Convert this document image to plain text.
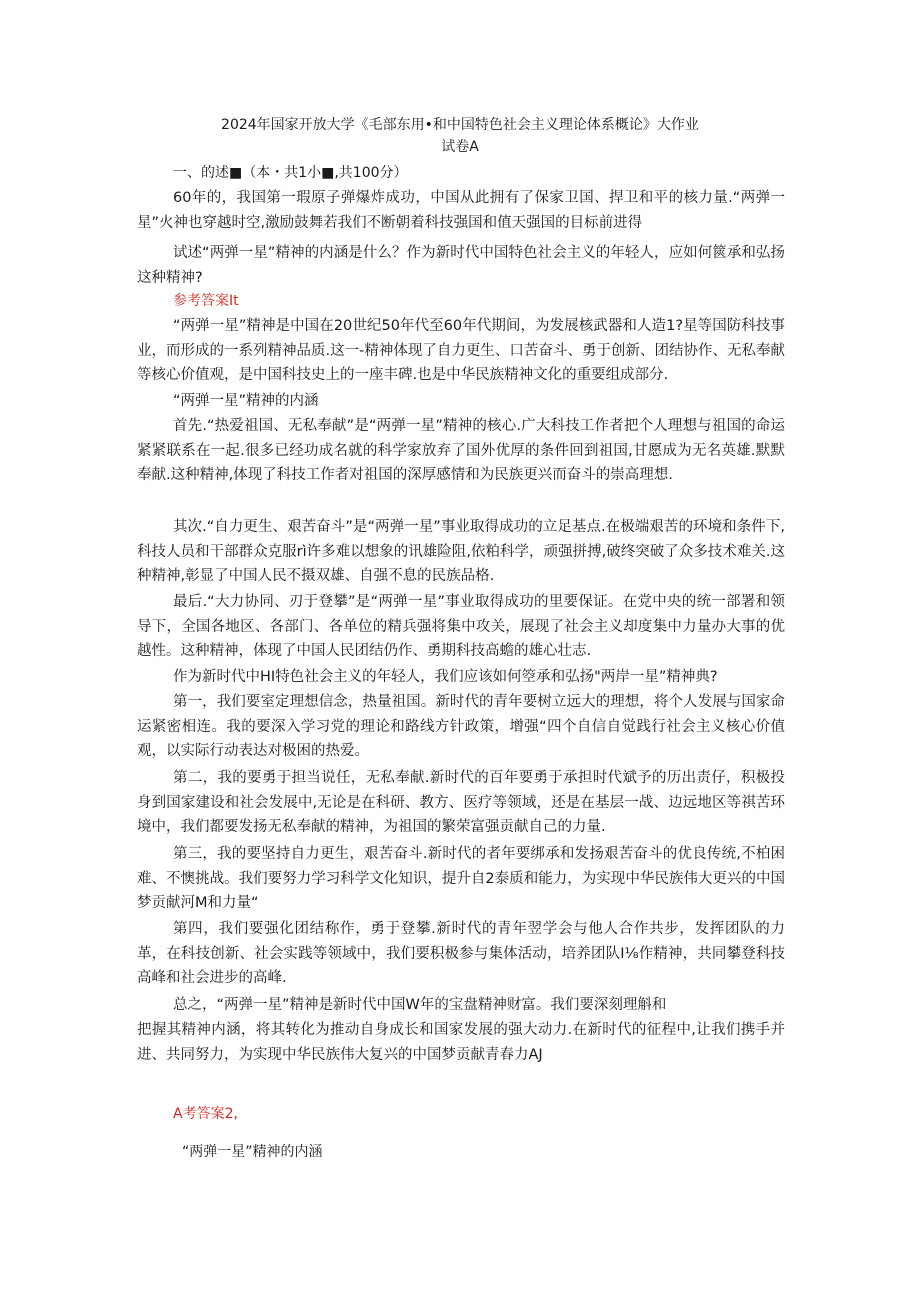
2024年国家开放大学《毛部东用•和中国特色社会主义理论体系概论》大作业
试卷A
一、的述■（本・共1小■,共100分）

60年的，我国第一瑕原子弹爆炸成功，中国从此拥有了保家卫国、捍卫和平的核力量.“两弹一星”火神也穿越时空,激励鼓舞若我们不断朝着科技强国和值天强国的目标前进得

试述“两弹一星”精神的内涵是什么？作为新时代中国特色社会主义的年轻人，应如何篋承和弘扬这种精神?

参考答案It

“两弹一星”精神是中国在20世纪50年代至60年代期间，为发展核武器和人造1?星等国防科技事业，而形成的一系列精神品质.这一-精神体现了自力更生、口苦奋斗、勇于创新、团结协作、无私奉献等核心价值观，是中国科技史上的一座丰碑.也是中华民族精神文化的重要组成部分.

“两弹一星”精神的内涵

首先.“热爱祖国、无私奉献”是“两弹一星”精神的核心.广大科技工作者把个人理想与祖国的命运紧紧联系在一起.很多已经功成名就的科学家放弃了国外优厚的条件回到祖国,甘愿成为无名英雄.默默奉献.这种精神,体现了科技工作者对祖国的深厚感情和为民族更兴而奋斗的崇高理想.

其次.“自力更生、艰苦奋斗”是“两弹一星”事业取得成功的立足基点.在极端艰苦的环境和条件下,科技人员和干部群众克服rì许多难以想象的讯雄险阻,依粕科学，顽强拼搏,破终突破了众多技术难关.这种精神,彰显了中国人民不摄双雄、自强不息的民族品格.

最后.“大力协同、刃于登攀”是“两弹一星”事业取得成功的里要保证。在党中央的统一部署和领导下，全国各地区、各部门、各单位的精兵强将集中攻关，展现了社会主义却度集中力量办大事的优越性。这种精神，体现了中国人民团结仍作、勇期科技高蟾的雄心壮志.

作为新时代中HI特色社会主义的年轻人，我们应该如何箜承和弘扬"两岸一星”精神典?

第一，我们要室定理想信念，热量祖国。新时代的青年要树立远大的理想，将个人发展与国家命运紧密相连。我的要深入学习党的理论和路线方针政策，增强“四个自信自觉践行社会主义核心价值观，以实际行动表达对极困的热爱。

第二，我的要勇于担当说任，无私奉献.新时代的百年要勇于承担时代斌予的历出责仔，积极投身到国家建设和社会发展中,无论是在科研、教方、医疗等领域，还是在基层一战、边远地区等祺苦环境中，我们都要发扬无私奉献的精神，为祖国的繁荣富强贡献自己的力量.

第三，我的要坚持自力更生，艰苦奋斗.新时代的者年要绑承和发扬艰苦奋斗的优良传统,不柏困难、不懊挑战。我们要努力学习科学文化知识，提升自2泰质和能力，为实现中华民族伟大更兴的中国梦贡献河M和力量“

第四，我们要强化团结称作，勇于登攀.新时代的青年翌学会与他人合作共步，发挥团队的力革，在科技创新、社会实践等领域中，我们要积极参与集体活动，培养团队I⅛作精神，共同攀登科技高峰和社会进步的高峰.

总之，“两弹一星”精神是新时代中国W年的宝盘精神财富。我们要深刻理斛和

把握其精神内涵，将其转化为推动自身成长和国家发展的强大动力.在新时代的征程中,让我们携手并进、共同努力，为实现中华民族伟大复兴的中国梦贡献青春力AJ

A考答案2,
“两弹一星”精神的内涵
